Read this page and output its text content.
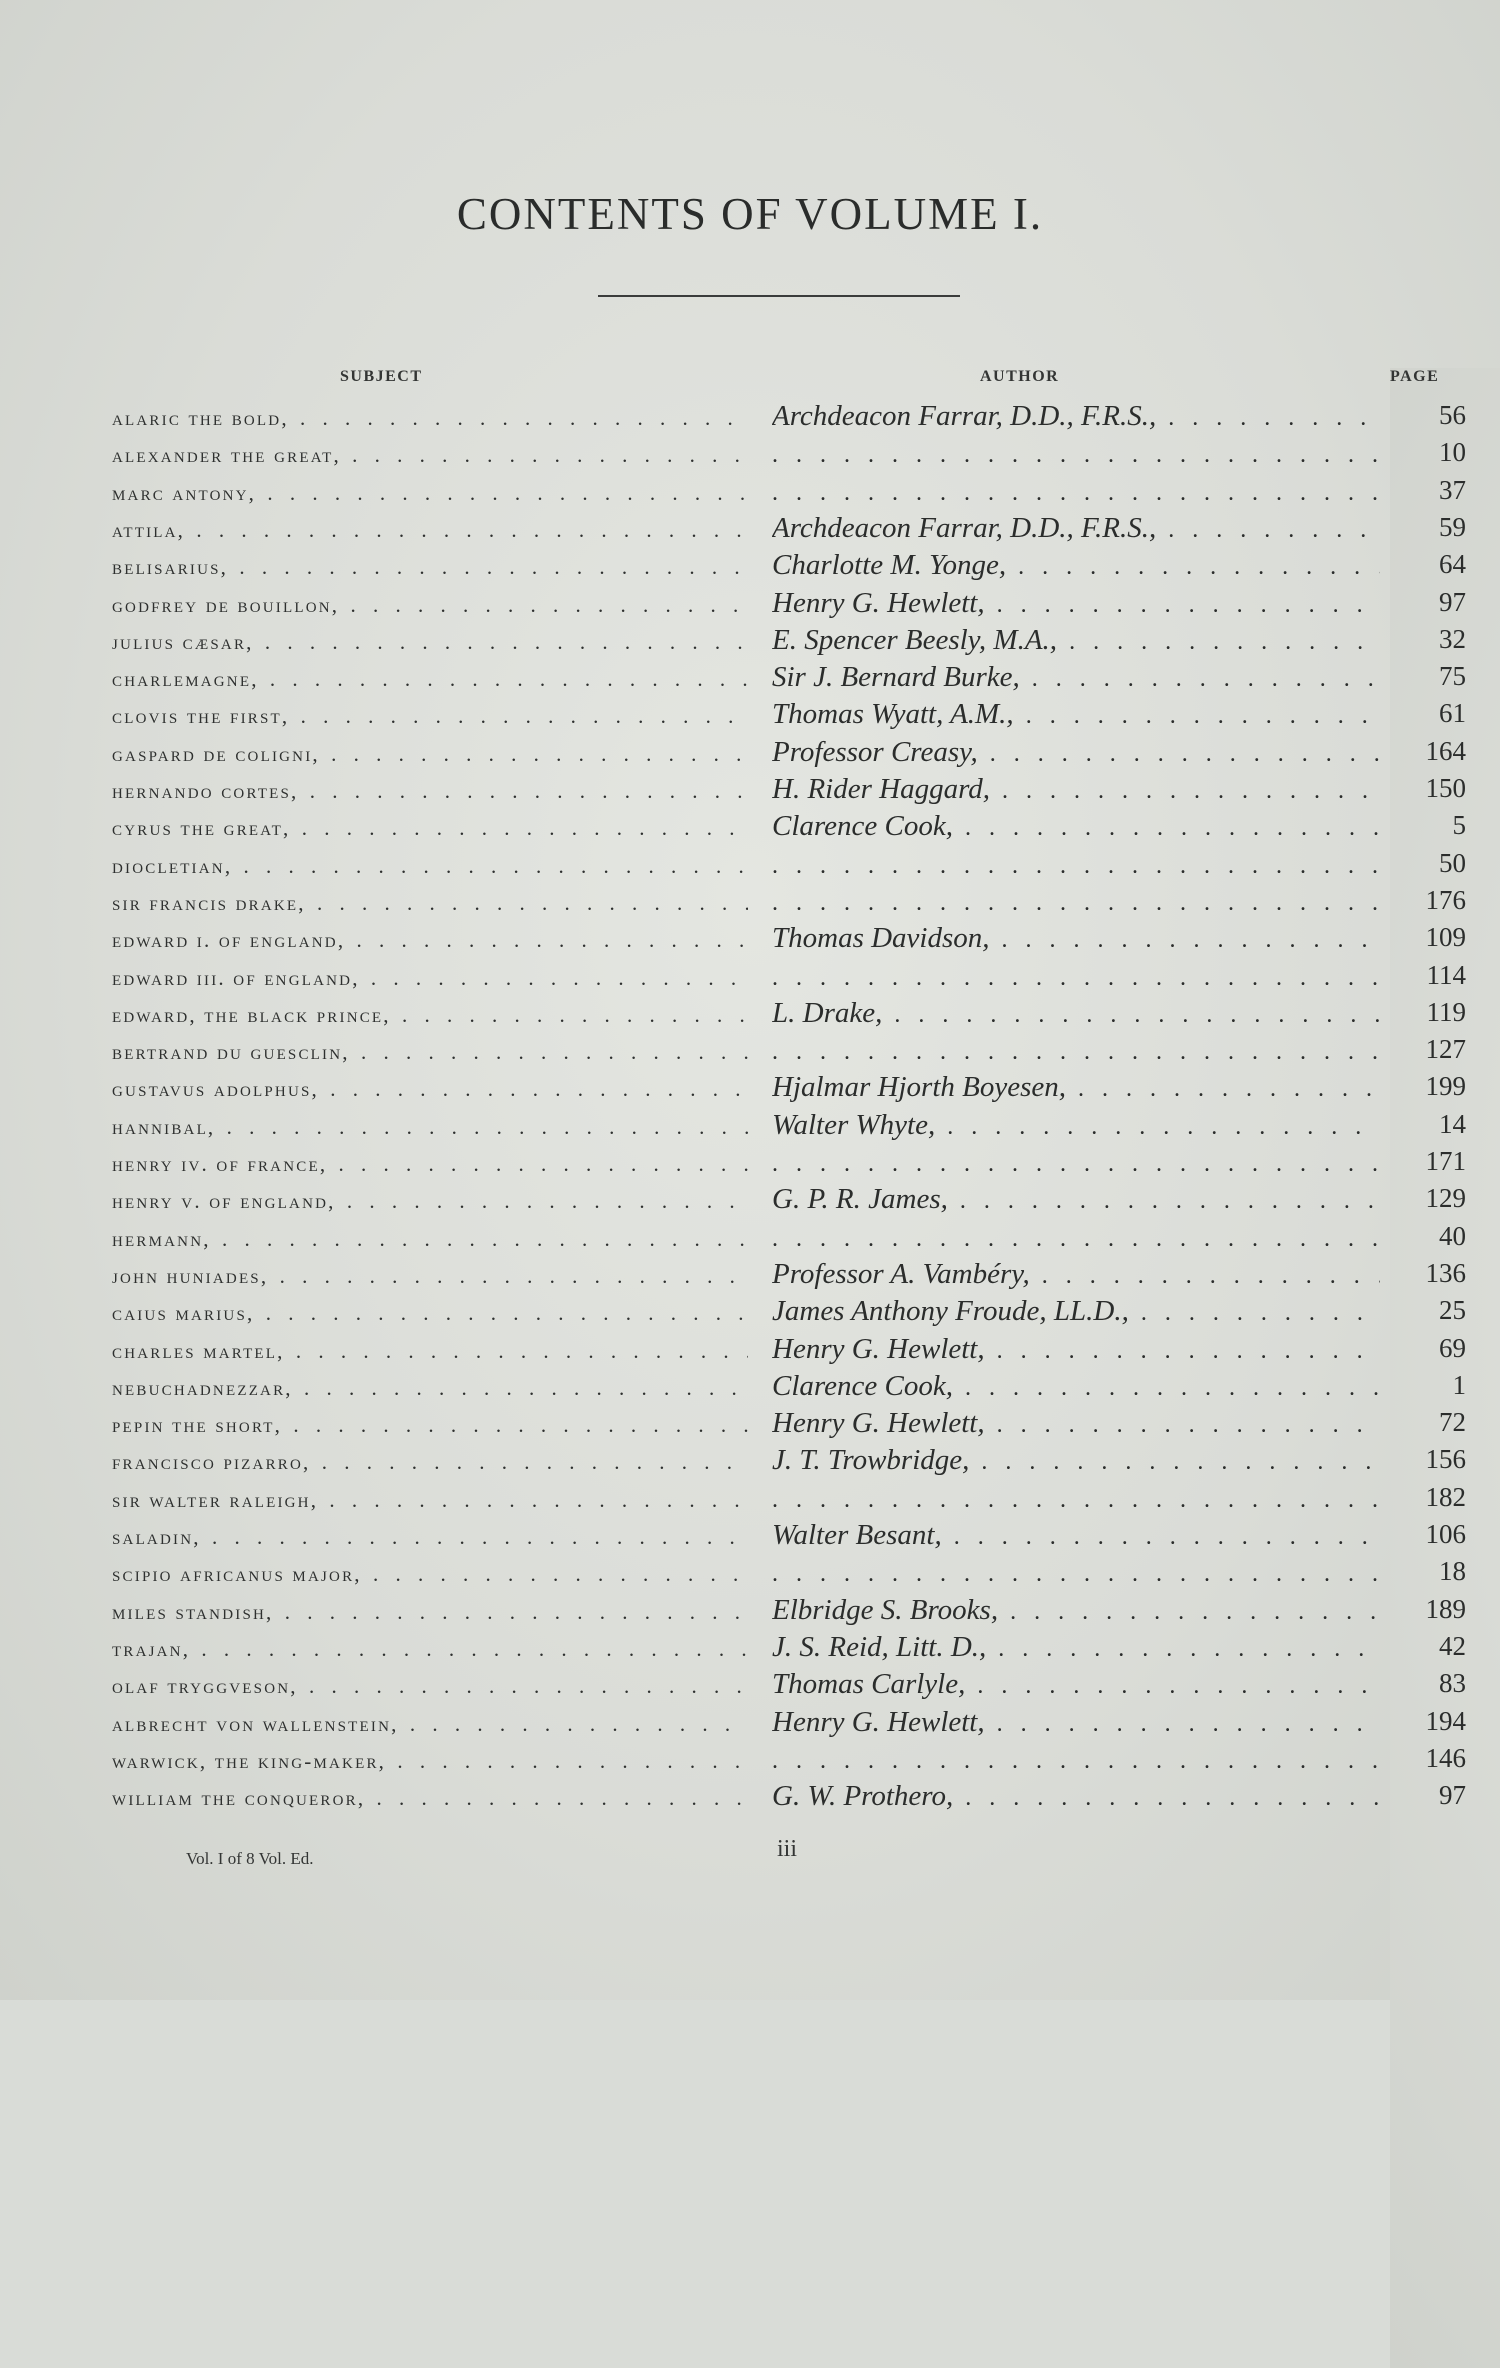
CONTENTS OF VOLUME I.
SUBJECT	AUTHOR	PAGE
alaric the bold, . . .	Archdeacon Farrar, D.D., F.R.S., . . .	56
alexander the great, . . . . . .	10
marc antony, . . . . . .	37
attila, . . .	Archdeacon Farrar, D.D., F.R.S., . . .	59
belisarius, . . .	Charlotte M. Yonge, . . .	64
godfrey de bouillon, . . .	Henry G. Hewlett, . . .	97
julius cæsar, . . .	E. Spencer Beesly, M.A., . . .	32
charlemagne, . . .	Sir J. Bernard Burke, . . .	75
clovis the first, . . .	Thomas Wyatt, A.M., . . .	61
gaspard de coligni, . . .	Professor Creasy, . . .	164
hernando cortes, . . .	H. Rider Haggard, . . .	150
cyrus the great, . . .	Clarence Cook, . . .	5
diocletian, . . . . . .	50
sir francis drake, . . . . . .	176
edward i. of england, . . .	Thomas Davidson, . . .	109
edward iii. of england, . . . . . .	114
edward, the black prince, . . .	L. Drake, . . .	119
bertrand du guesclin, . . . . . .	127
gustavus adolphus, . . .	Hjalmar Hjorth Boyesen, . . .	199
hannibal, . . .	Walter Whyte, . . .	14
henry iv. of france, . . . . . .	171
henry v. of england, . . .	G. P. R. James, . . .	129
hermann, . . . . . .	40
john huniades, . . .	Professor A. Vambéry, . . .	136
caius marius, . . .	James Anthony Froude, LL.D., . . .	25
charles martel, . . .	Henry G. Hewlett, . . .	69
nebuchadnezzar, . . .	Clarence Cook, . . .	1
pepin the short, . . .	Henry G. Hewlett, . . .	72
francisco pizarro, . . .	J. T. Trowbridge, . . .	156
sir walter raleigh, . . . . . .	182
saladin, . . .	Walter Besant, . . .	106
scipio africanus major, . . . . . .	18
miles standish, . . .	Elbridge S. Brooks, . . .	189
trajan, . . .	J. S. Reid, Litt. D., . . .	42
olaf tryggveson, . . .	Thomas Carlyle, . . .	83
albrecht von wallenstein, . . .	Henry G. Hewlett, . . .	194
warwick, the king-maker, . . . . . .	146
william the conqueror, . . .	G. W. Prothero, . . .	97
Vol. I of 8 Vol. Ed.	iii
